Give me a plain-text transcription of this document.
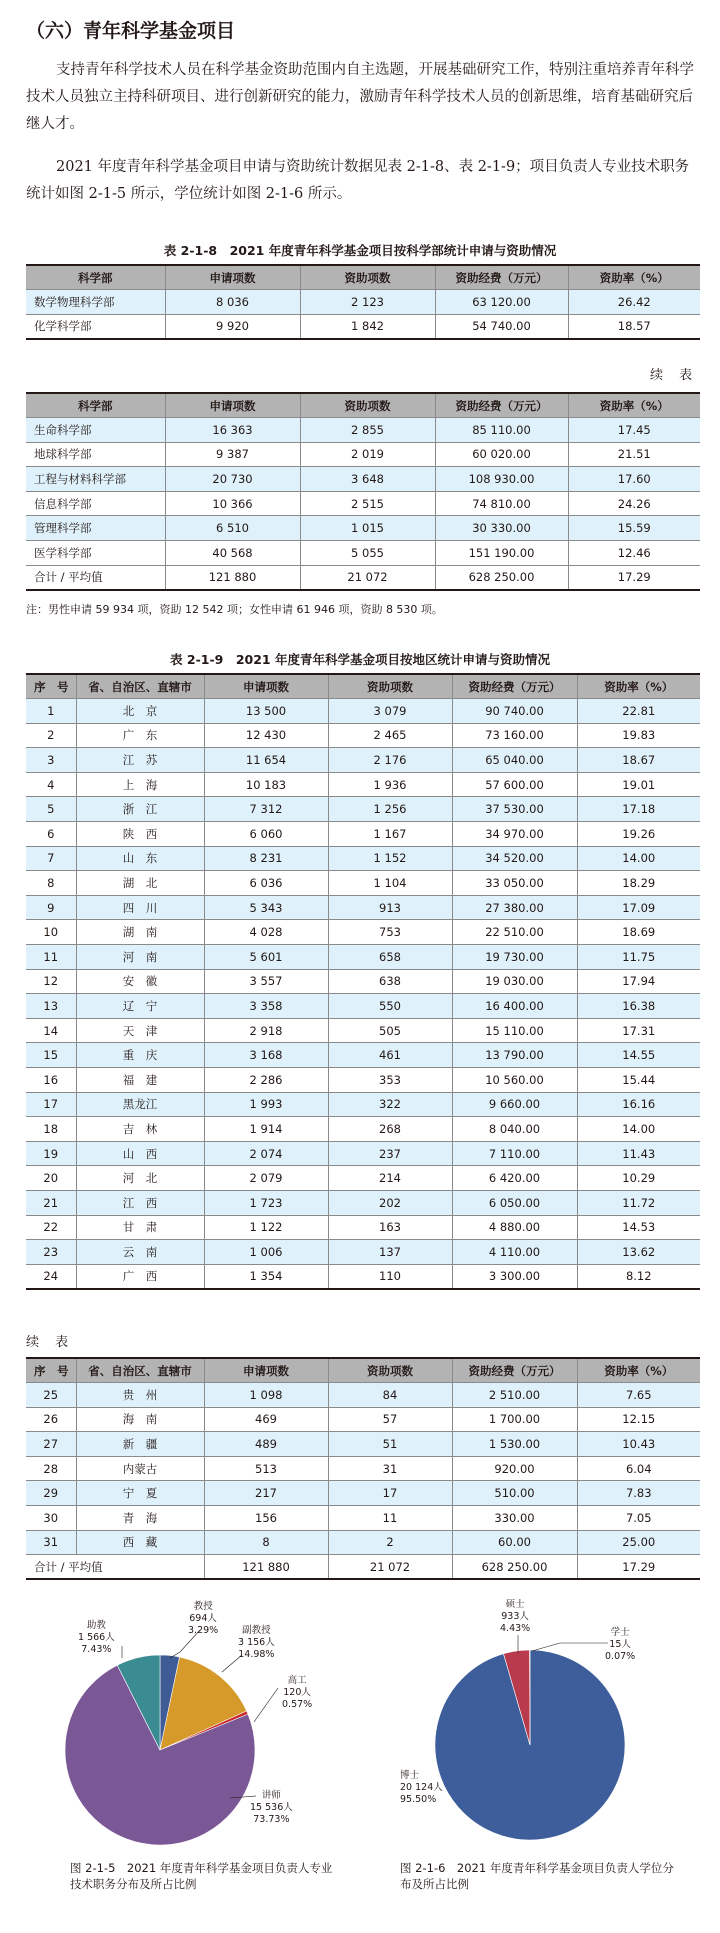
（六）青年科学基金项目

支持青年科学技术人员在科学基金资助范围内自主选题，开展基础研究工作，特别注重培养青年科学技术人员独立主持科研项目、进行创新研究的能力，激励青年科学技术人员的创新思维，培育基础研究后继人才。

2021 年度青年科学基金项目申请与资助统计数据见表 2-1-8、表 2-1-9；项目负责人专业技术职务统计如图 2-1-5 所示，学位统计如图 2-1-6 所示。

表 2-1-8　2021 年度青年科学基金项目按科学部统计申请与资助情况
科学部	申请项数	资助项数	资助经费（万元）	资助率（%）
数学物理科学部	8 036	2 123	63 120.00	26.42
化学科学部	9 920	1 842	54 740.00	18.57
续 表
科学部	申请项数	资助项数	资助经费（万元）	资助率（%）
生命科学部	16 363	2 855	85 110.00	17.45
地球科学部	9 387	2 019	60 020.00	21.51
工程与材料科学部	20 730	3 648	108 930.00	17.60
信息科学部	10 366	2 515	74 810.00	24.26
管理科学部	6 510	1 015	30 330.00	15.59
医学科学部	40 568	5 055	151 190.00	12.46
合计 / 平均值	121 880	21 072	628 250.00	17.29
注：男性申请 59 934 项，资助 12 542 项；女性申请 61 946 项，资助 8 530 项。
表 2-1-9　2021 年度青年科学基金项目按地区统计申请与资助情况
序　号	省、自治区、直辖市	申请项数	资助项数	资助经费（万元）	资助率（%）
1	北　京	13 500	3 079	90 740.00	22.81
2	广　东	12 430	2 465	73 160.00	19.83
3	江　苏	11 654	2 176	65 040.00	18.67
4	上　海	10 183	1 936	57 600.00	19.01
5	浙　江	7 312	1 256	37 530.00	17.18
6	陕　西	6 060	1 167	34 970.00	19.26
7	山　东	8 231	1 152	34 520.00	14.00
8	湖　北	6 036	1 104	33 050.00	18.29
9	四　川	5 343	913	27 380.00	17.09
10	湖　南	4 028	753	22 510.00	18.69
11	河　南	5 601	658	19 730.00	11.75
12	安　徽	3 557	638	19 030.00	17.94
13	辽　宁	3 358	550	16 400.00	16.38
14	天　津	2 918	505	15 110.00	17.31
15	重　庆	3 168	461	13 790.00	14.55
16	福　建	2 286	353	10 560.00	15.44
17	黑龙江	1 993	322	9 660.00	16.16
18	吉　林	1 914	268	8 040.00	14.00
19	山　西	2 074	237	7 110.00	11.43
20	河　北	2 079	214	6 420.00	10.29
21	江　西	1 723	202	6 050.00	11.72
22	甘　肃	1 122	163	4 880.00	14.53
23	云　南	1 006	137	4 110.00	13.62
24	广　西	1 354	110	3 300.00	8.12
续 表
序　号	省、自治区、直辖市	申请项数	资助项数	资助经费（万元）	资助率（%）
25	贵　州	1 098	84	2 510.00	7.65
26	海　南	469	57	1 700.00	12.15
27	新　疆	489	51	1 530.00	10.43
28	内蒙古	513	31	920.00	6.04
29	宁　夏	217	17	510.00	7.83
30	青　海	156	11	330.00	7.05
31	西　藏	8	2	60.00	25.00
合计 / 平均值		121 880	21 072	628 250.00	17.29
教授
694人
3.29%	副教授
3 156人
14.98%
高工
120人
0.57%
讲师
15 536人
73.73%
助教
1 566人
7.43%
图 2-1-5　2021 年度青年科学基金项目负责人专业技术职务分布及所占比例
博士
20 124人
95.50%
硕士
933人
4.43%	学士
15人
0.07%
图 2-1-6　2021 年度青年科学基金项目负责人学位分布及所占比例
